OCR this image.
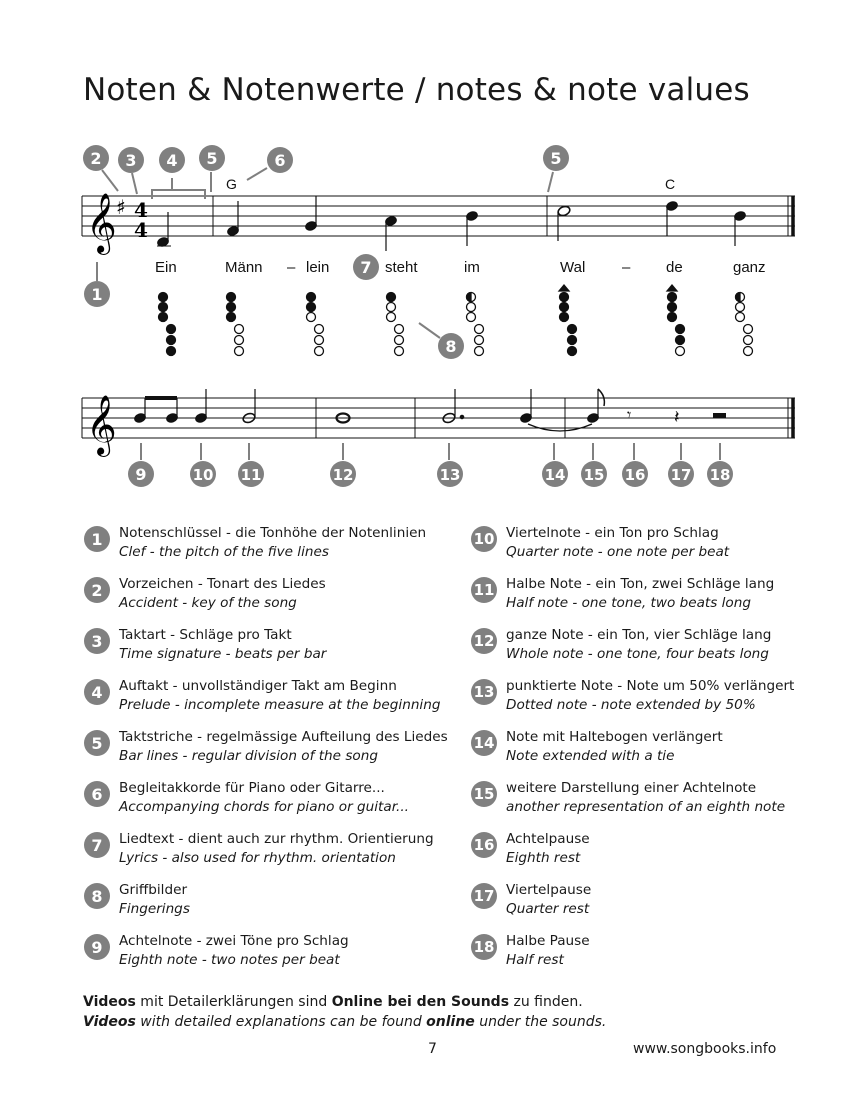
Noten & Notenwerte / notes & note values
𝄞 ♯ 4
4
G	C
Ein	Männ – lein	steht	im	Wal – de	ganz
2 3 4 5	6	5
1
7
8
𝄞	𝄾 𝄽
9	10 11	12	13	14 15 16 17 18
1	Notenschlüssel - die Tonhöhe der Notenlinien
Clef - the pitch of the five lines
2	Vorzeichen - Tonart des Liedes
Accident - key of the song
3	Taktart - Schläge pro Takt
Time signature - beats per bar
4	Auftakt - unvollständiger Takt am Beginn
Prelude - incomplete measure at the beginning
5	Taktstriche - regelmässige Aufteilung des Liedes
Bar lines - regular division of the song
6	Begleitakkorde für Piano oder Gitarre...
Accompanying chords for piano or guitar...
7	Liedtext - dient auch zur rhythm. Orientierung
Lyrics - also used for rhythm. orientation
8	Griffbilder
Fingerings
9	Achtelnote - zwei Töne pro Schlag
Eighth note - two notes per beat
10 Viertelnote - ein Ton pro Schlag
Quarter note - one note per beat
11 Halbe Note - ein Ton, zwei Schläge lang
Half note - one tone, two beats long
12 ganze Note - ein Ton, vier Schläge lang
Whole note - one tone, four beats long
13 punktierte Note - Note um 50% verlängert
Dotted note - note extended by 50%
14 Note mit Haltebogen verlängert
Note extended with a tie
15 weitere Darstellung einer Achtelnote
another representation of an eighth note
16 Achtelpause
Eighth rest
17 Viertelpause
Quarter rest
18 Halbe Pause
Half rest
Videos mit Detailerklärungen sind Online bei den Sounds zu finden.
Videos with detailed explanations can be found online under the sounds.
7	www.songbooks.info
